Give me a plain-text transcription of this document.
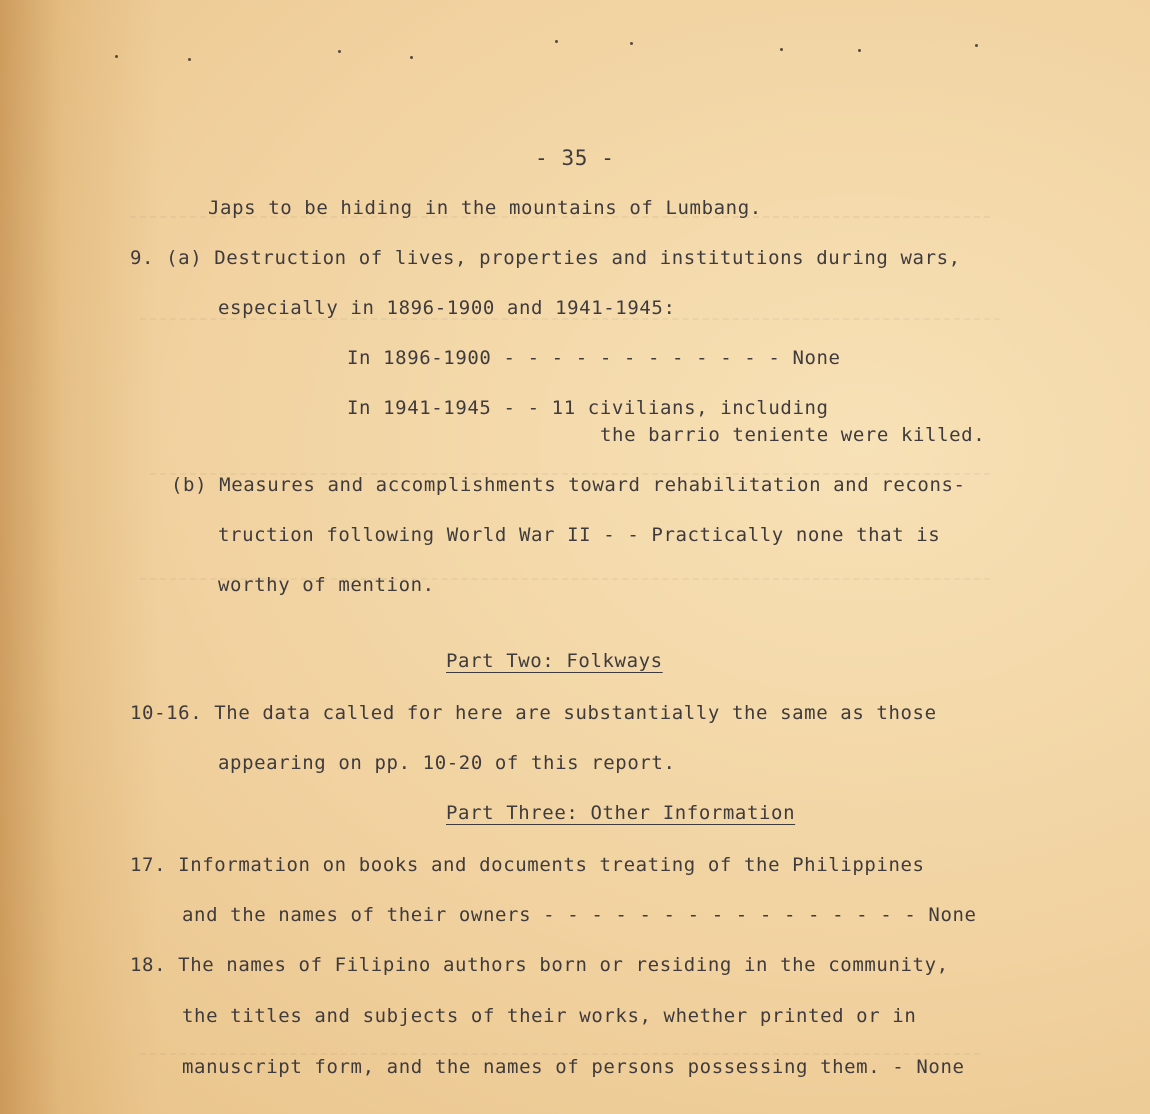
- 35 -
Japs to be hiding in the mountains of Lumbang.
9. (a) Destruction of lives, properties and institutions during wars,
especially in 1896-1900 and 1941-1945:
In 1896-1900 - - - - - - - - - - - - None
In 1941-1945 - - 11 civilians, including
the barrio teniente were killed.
(b) Measures and accomplishments toward rehabilitation and recons-
truction following World War II - - Practically none that is
worthy of mention.
Part Two: Folkways
10-16. The data called for here are substantially the same as those
appearing on pp. 10-20 of this report.
Part Three: Other Information
17. Information on books and documents treating of the Philippines
and the names of their owners - - - - - - - - - - - - - - - - None
18. The names of Filipino authors born or residing in the community,
the titles and subjects of their works, whether printed or in
manuscript form, and the names of persons possessing them. - None
